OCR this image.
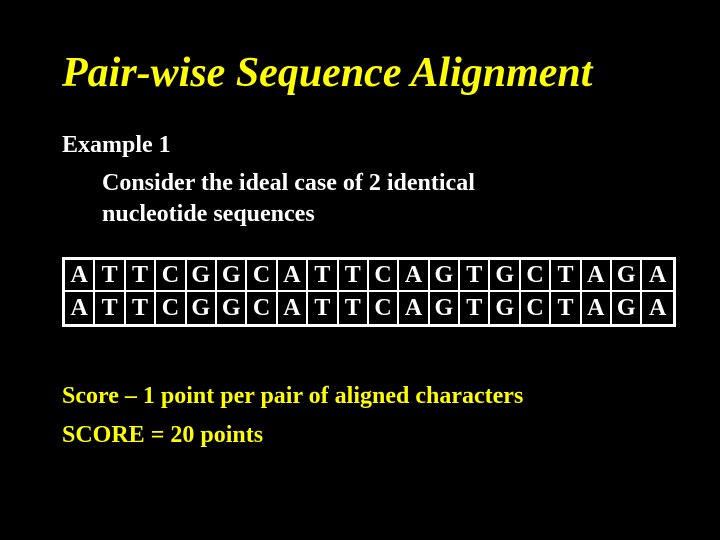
Pair-wise Sequence Alignment
Example 1
Consider the ideal case of 2 identical nucleotide sequences
A T T C G G C A T T C A G T G C T A G A
A T T C G G C A T T C A G T G C T A G A
Score – 1 point per pair of aligned characters
SCORE = 20 points
